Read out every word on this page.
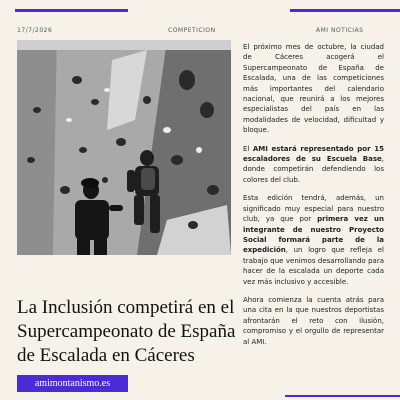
17/7/2026	COMPETICION	AMI NOTICIAS
La Inclusión competirá en el Supercampeonato de España de Escalada en Cáceres
amimontanismo.es

El próximo mes de octubre, la ciudad de Cáceres acogerá el Supercampeonato de España de Escalada, una de las competiciones más importantes del calendario nacional, que reunirá a los mejores especialistas del país en las modalidades de velocidad, dificultad y bloque.

El AMI estará representado por 15 escaladores de su Escuela Base, donde competirán defendiendo los colores del club.

Esta edición tendrá, además, un significado muy especial para nuestro club, ya que por primera vez un integrante de nuestro Proyecto Social formará parte de la expedición, un logro que refleja el trabajo que venimos desarrollando para hacer de la escalada un deporte cada vez más inclusivo y accesible.

Ahora comienza la cuenta atrás para una cita en la que nuestros deportistas afrontarán el reto con ilusión, compromiso y el orgullo de representar al AMI.
